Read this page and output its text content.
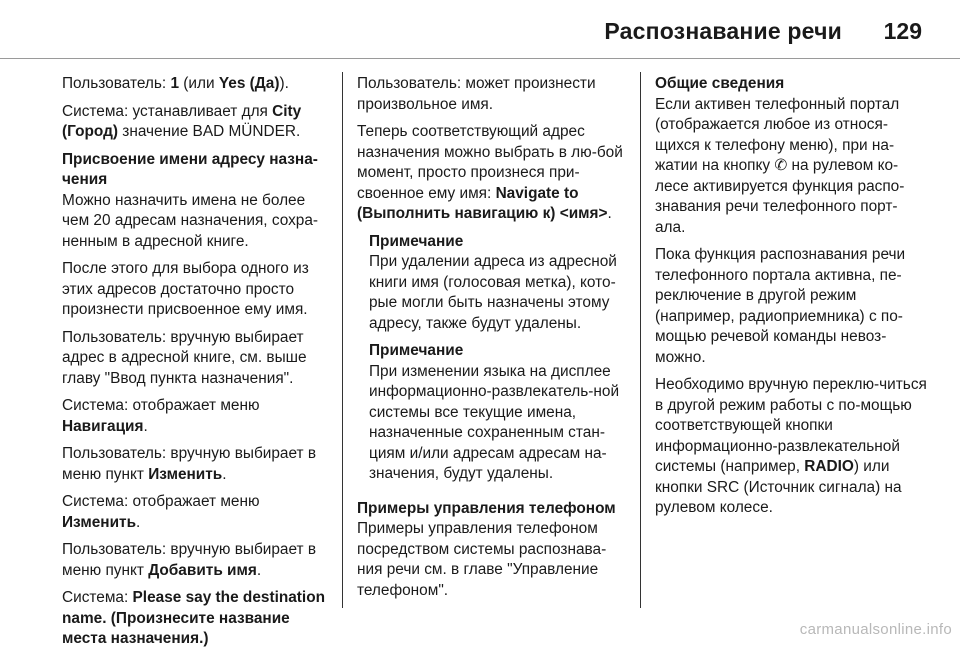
Распознавание речи 129

Пользователь: 1 (или Yes (Да)).

Система: устанавливает для City (Город) значение BAD MÜNDER.

Присвоение имени адресу назна-чения
Можно назначить имена не более чем 20 адресам назначения, сохра-ненным в адресной книге.

После этого для выбора одного из этих адресов достаточно просто произнести присвоенное ему имя.

Пользователь: вручную выбирает адрес в адресной книге, см. выше главу "Ввод пункта назначения".

Система: отображает меню Навигация.

Пользователь: вручную выбирает в меню пункт Изменить.

Система: отображает меню Изменить.

Пользователь: вручную выбирает в меню пункт Добавить имя.

Система: Please say the destination name. (Произнесите название места назначения.)

Пользователь: может произнести произвольное имя.

Теперь соответствующий адрес назначения можно выбрать в лю-бой момент, просто произнеся при-своенное ему имя: Navigate to (Выполнить навигацию к) <имя>.

Примечание
При удалении адреса из адресной книги имя (голосовая метка), кото-рые могли быть назначены этому адресу, также будут удалены.
Примечание
При изменении языка на дисплее информационно-развлекатель-ной системы все текущие имена, назначенные сохраненным стан-циям и/или адресам адресам на-значения, будут удалены.
Примеры управления телефоном
Примеры управления телефоном посредством системы распознава-ния речи см. в главе "Управление телефоном".

Общие сведения
Если активен телефонный портал (отображается любое из относя-щихся к телефону меню), при на-жатии на кнопку ✆ на рулевом ко-лесе активируется функция распо-знавания речи телефонного порт-ала.

Пока функция распознавания речи телефонного портала активна, пе-реключение в другой режим (например, радиоприемника) с по-мощью речевой команды невоз-можно.

Необходимо вручную переклю-читься в другой режим работы с по-мощью соответствующей кнопки информационно-развлекательной системы (например, RADIO) или кнопки SRC (Источник сигнала) на рулевом колесе.

carmanualsonline.info
